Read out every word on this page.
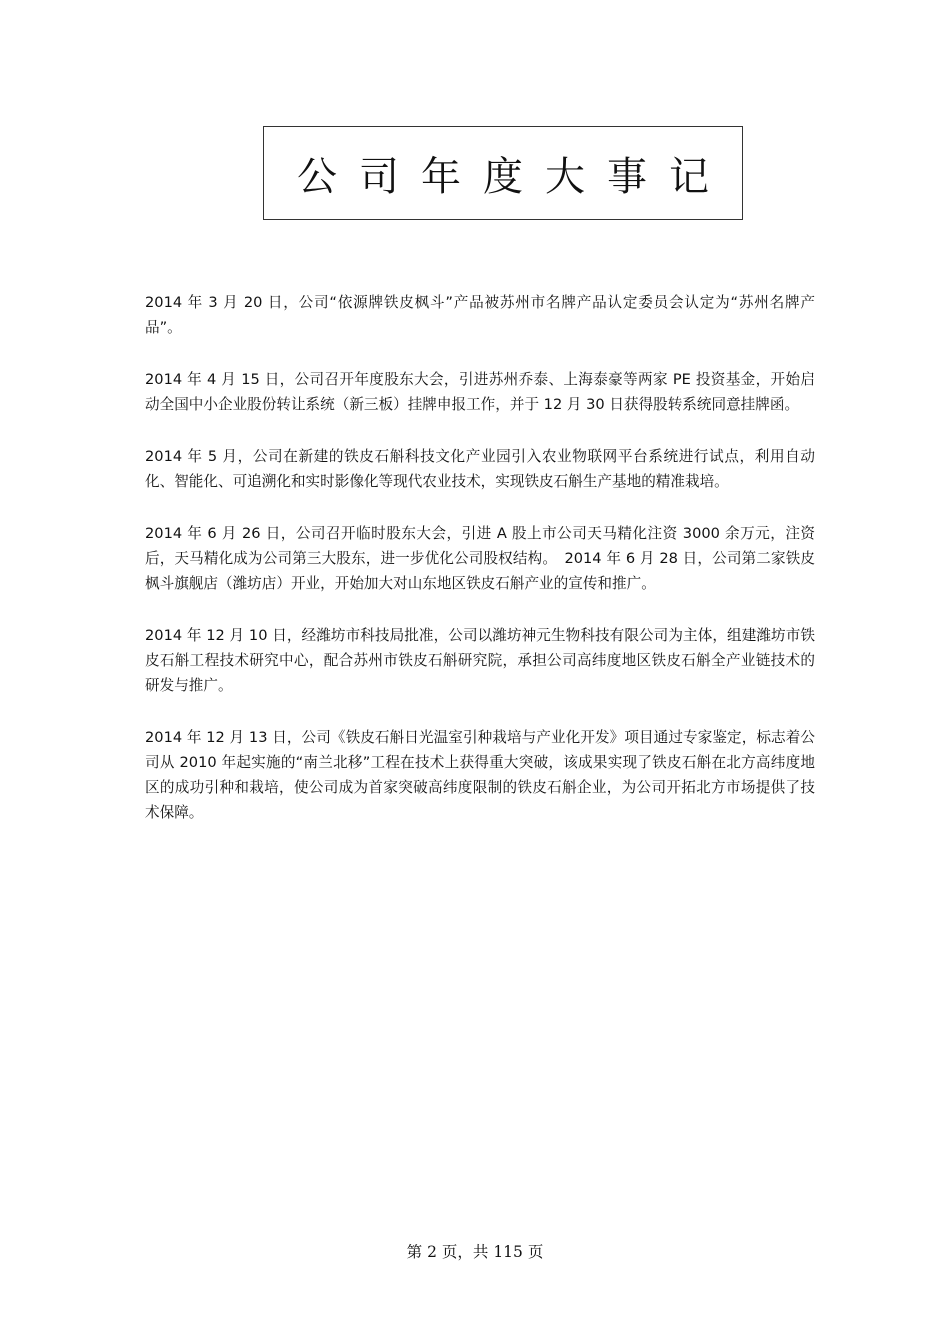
公司年度大事记

2014 年 3 月 20 日，公司“依源牌铁皮枫斗”产品被苏州市名牌产品认定委员会认定为“苏州名牌产品”。

2014 年 4 月 15 日，公司召开年度股东大会，引进苏州乔泰、上海泰豪等两家 PE 投资基金，开始启动全国中小企业股份转让系统（新三板）挂牌申报工作，并于 12 月 30 日获得股转系统同意挂牌函。

2014 年 5 月，公司在新建的铁皮石斛科技文化产业园引入农业物联网平台系统进行试点，利用自动化、智能化、可追溯化和实时影像化等现代农业技术，实现铁皮石斛生产基地的精准栽培。

2014 年 6 月 26 日，公司召开临时股东大会，引进 A 股上市公司天马精化注资 3000 余万元，注资后，天马精化成为公司第三大股东，进一步优化公司股权结构。　2014 年 6 月 28 日，公司第二家铁皮枫斗旗舰店（潍坊店）开业，开始加大对山东地区铁皮石斛产业的宣传和推广。

2014 年 12 月 10 日，经潍坊市科技局批准，公司以潍坊神元生物科技有限公司为主体，组建潍坊市铁皮石斛工程技术研究中心，配合苏州市铁皮石斛研究院，承担公司高纬度地区铁皮石斛全产业链技术的研发与推广。

2014 年 12 月 13 日，公司《铁皮石斛日光温室引种栽培与产业化开发》项目通过专家鉴定，标志着公司从 2010 年起实施的“南兰北移”工程在技术上获得重大突破，该成果实现了铁皮石斛在北方高纬度地区的成功引种和栽培，使公司成为首家突破高纬度限制的铁皮石斛企业，为公司开拓北方市场提供了技术保障。

第 2 页，共 115 页
